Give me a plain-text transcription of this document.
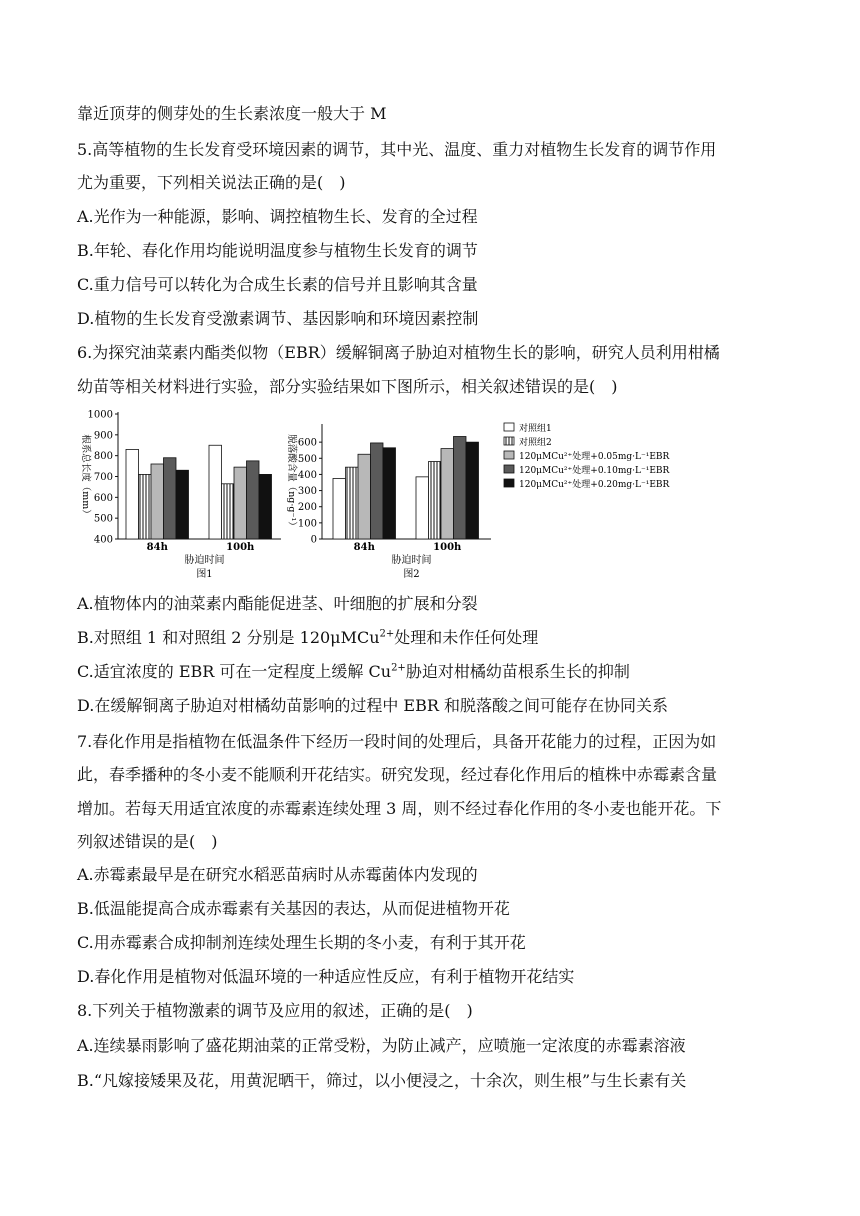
靠近顶芽的侧芽处的生长素浓度一般大于 M
5.高等植物的生长发育受环境因素的调节，其中光、温度、重力对植物生长发育的调节作用
尤为重要，下列相关说法正确的是(　)
A.光作为一种能源，影响、调控植物生长、发育的全过程
B.年轮、春化作用均能说明温度参与植物生长发育的调节
C.重力信号可以转化为合成生长素的信号并且影响其含量
D.植物的生长发育受激素调节、基因影响和环境因素控制
6.为探究油菜素内酯类似物（EBR）缓解铜离子胁迫对植物生长的影响，研究人员利用柑橘
幼苗等相关材料进行实验，部分实验结果如下图所示，相关叙述错误的是(　)
A.植物体内的油菜素内酯能促进茎、叶细胞的扩展和分裂
B.对照组 1 和对照组 2 分别是 120μMCu$^{2+}$处理和未作任何处理
C.适宜浓度的 EBR 可在一定程度上缓解 $Cu^{2+}$胁迫对柑橘幼苗根系生长的抑制
D.在缓解铜离子胁迫对柑橘幼苗影响的过程中 EBR 和脱落酸之间可能存在协同关系
7.春化作用是指植物在低温条件下经历一段时间的处理后，具备开花能力的过程，正因为如
此，春季播种的冬小麦不能顺利开花结实。研究发现，经过春化作用后的植株中赤霉素含量
增加。若每天用适宜浓度的赤霉素连续处理 3 周，则不经过春化作用的冬小麦也能开花。下
列叙述错误的是(　)
A.赤霉素最早是在研究水稻恶苗病时从赤霉菌体内发现的
B.低温能提高合成赤霉素有关基因的表达，从而促进植物开花
C.用赤霉素合成抑制剂连续处理生长期的冬小麦，有利于其开花
D.春化作用是植物对低温环境的一种适应性反应，有利于植物开花结实
8.下列关于植物激素的调节及应用的叙述，正确的是(　)
A.连续暴雨影响了盛花期油菜的正常受粉，为防止减产，应喷施一定浓度的赤霉素溶液
B.“凡嫁接矮果及花，用黄泥晒干，筛过，以小便浸之，十余次，则生根”与生长素有关
400
500
600
700
800
900
1000
84h	100h
胁迫时间
图1
根系总长度（mm）
0
100
200
300
400
500
600
84h	100h
胁迫时间
图2
脱落酸含量（ng·g⁻¹）
对照组1
对照组2
120μMCu²⁺处理+0.05mg·L⁻¹EBR
120μMCu²⁺处理+0.10mg·L⁻¹EBR
120μMCu²⁺处理+0.20mg·L⁻¹EBR
